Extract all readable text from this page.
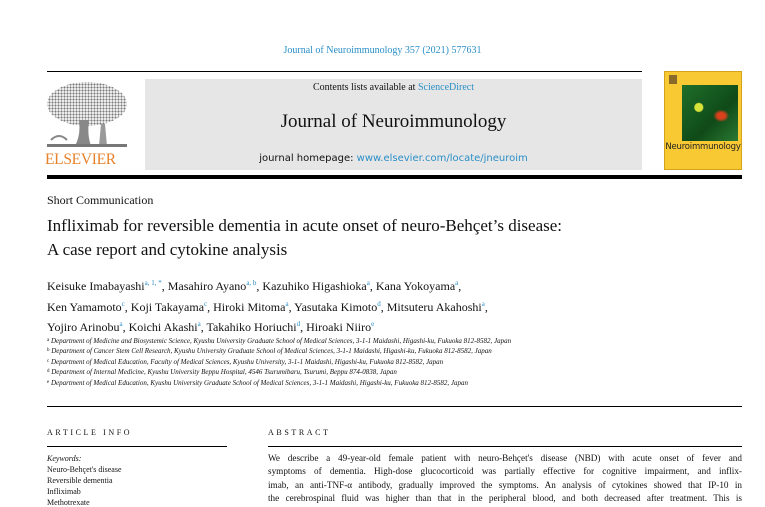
Journal of Neuroimmunology 357 (2021) 577631
ELSEVIER
Contents lists available at ScienceDirect
Journal of Neuroimmunology
journal homepage: www.elsevier.com/locate/jneuroim
Neuroimmunology
Short Communication
Infliximab for reversible dementia in acute onset of neuro-Behçet’s disease:
A case report and cytokine analysis
Keisuke Imabayashi$^{a, 1, *}$, Masahiro Ayano$^{a, b}$, Kazuhiko Higashioka$^a$, Kana Yokoyama$^a$,
Ken Yamamoto$^c$, Koji Takayama$^c$, Hiroki Mitoma$^a$, Yasutaka Kimoto$^d$, Mitsuteru Akahoshi$^a$,
Yojiro Arinobu$^a$, Koichi Akashi$^a$, Takahiko Horiuchi$^d$, Hiroaki Niiro$^e$
$^a$ Department of Medicine and Biosystemic Science, Kyushu University Graduate School of Medical Sciences, 3-1-1 Maidashi, Higashi-ku, Fukuoka 812-8582, Japan
$^b$ Department of Cancer Stem Cell Research, Kyushu University Graduate School of Medical Sciences, 3-1-1 Maidashi, Higashi-ku, Fukuoka 812-8582, Japan
$^c$ Department of Medical Education, Faculty of Medical Sciences, Kyushu University, 3-1-1 Maidashi, Higashi-ku, Fukuoka 812-8582, Japan
$^d$ Department of Internal Medicine, Kyushu University Beppu Hospital, 4546 Tsurumibaru, Tsurumi, Beppu 874-0838, Japan
$^e$ Department of Medical Education, Kyushu University Graduate School of Medical Sciences, 3-1-1 Maidashi, Higashi-ku, Fukuoka 812-8582, Japan
ARTICLE INFO	ABSTRACT
Keywords:
Neuro-Behçet's disease
Reversible dementia
Infliximab
Methotrexate
We describe a 49-year-old female patient with neuro-Behçet's disease (NBD) with acute onset of fever and
symptoms of dementia. High-dose glucocorticoid was partially effective for cognitive impairment, and inflix-
imab, an anti-TNF-α antibody, gradually improved the symptoms. An analysis of cytokines showed that IP-10 in
the cerebrospinal fluid was higher than that in the peripheral blood, and both decreased after treatment. This is
